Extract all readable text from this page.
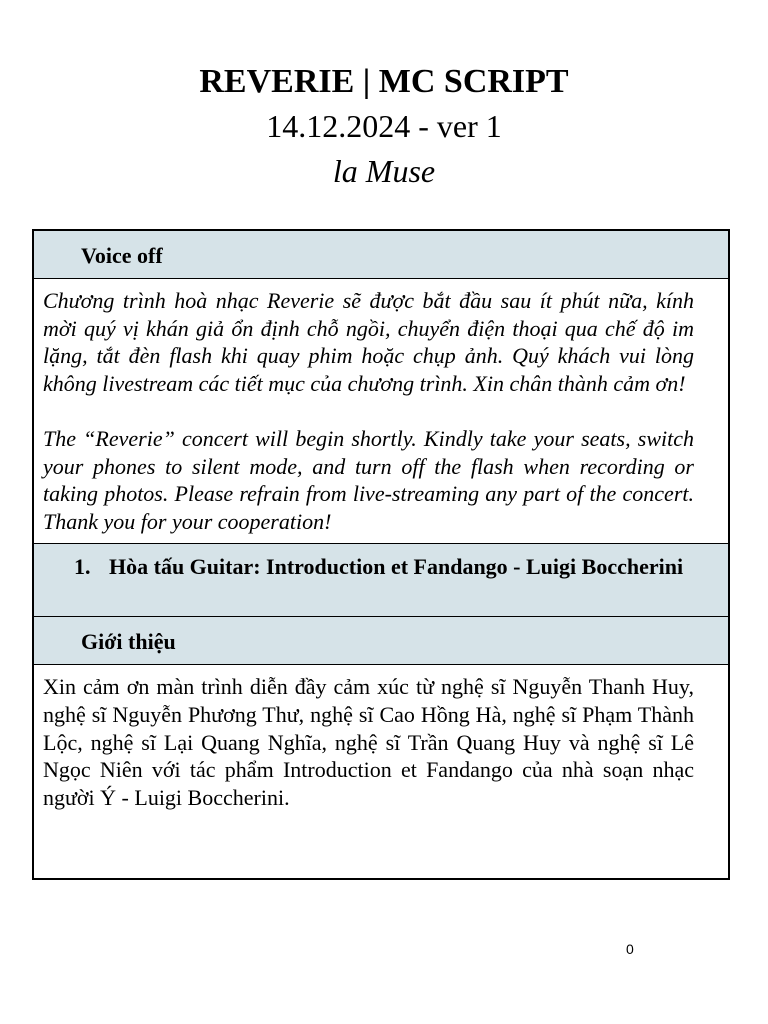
REVERIE | MC SCRIPT
14.12.2024 - ver 1
la Muse
Voice off

Chương trình hoà nhạc Reverie sẽ được bắt đầu sau ít phút nữa, kính mời quý vị khán giả ổn định chỗ ngồi, chuyển điện thoại qua chế độ im lặng, tắt đèn flash khi quay phim hoặc chụp ảnh. Quý khách vui lòng không livestream các tiết mục của chương trình. Xin chân thành cảm ơn!

The “Reverie” concert will begin shortly. Kindly take your seats, switch your phones to silent mode, and turn off the flash when recording or taking photos. Please refrain from live-streaming any part of the concert. Thank you for your cooperation!

1. Hòa tấu Guitar: Introduction et Fandango - Luigi Boccherini
Giới thiệu

Xin cảm ơn màn trình diễn đầy cảm xúc từ nghệ sĩ Nguyễn Thanh Huy, nghệ sĩ Nguyễn Phương Thư, nghệ sĩ Cao Hồng Hà, nghệ sĩ Phạm Thành Lộc, nghệ sĩ Lại Quang Nghĩa, nghệ sĩ Trần Quang Huy và nghệ sĩ Lê Ngọc Niên với tác phẩm Introduction et Fandango của nhà soạn nhạc người Ý - Luigi Boccherini.

0
